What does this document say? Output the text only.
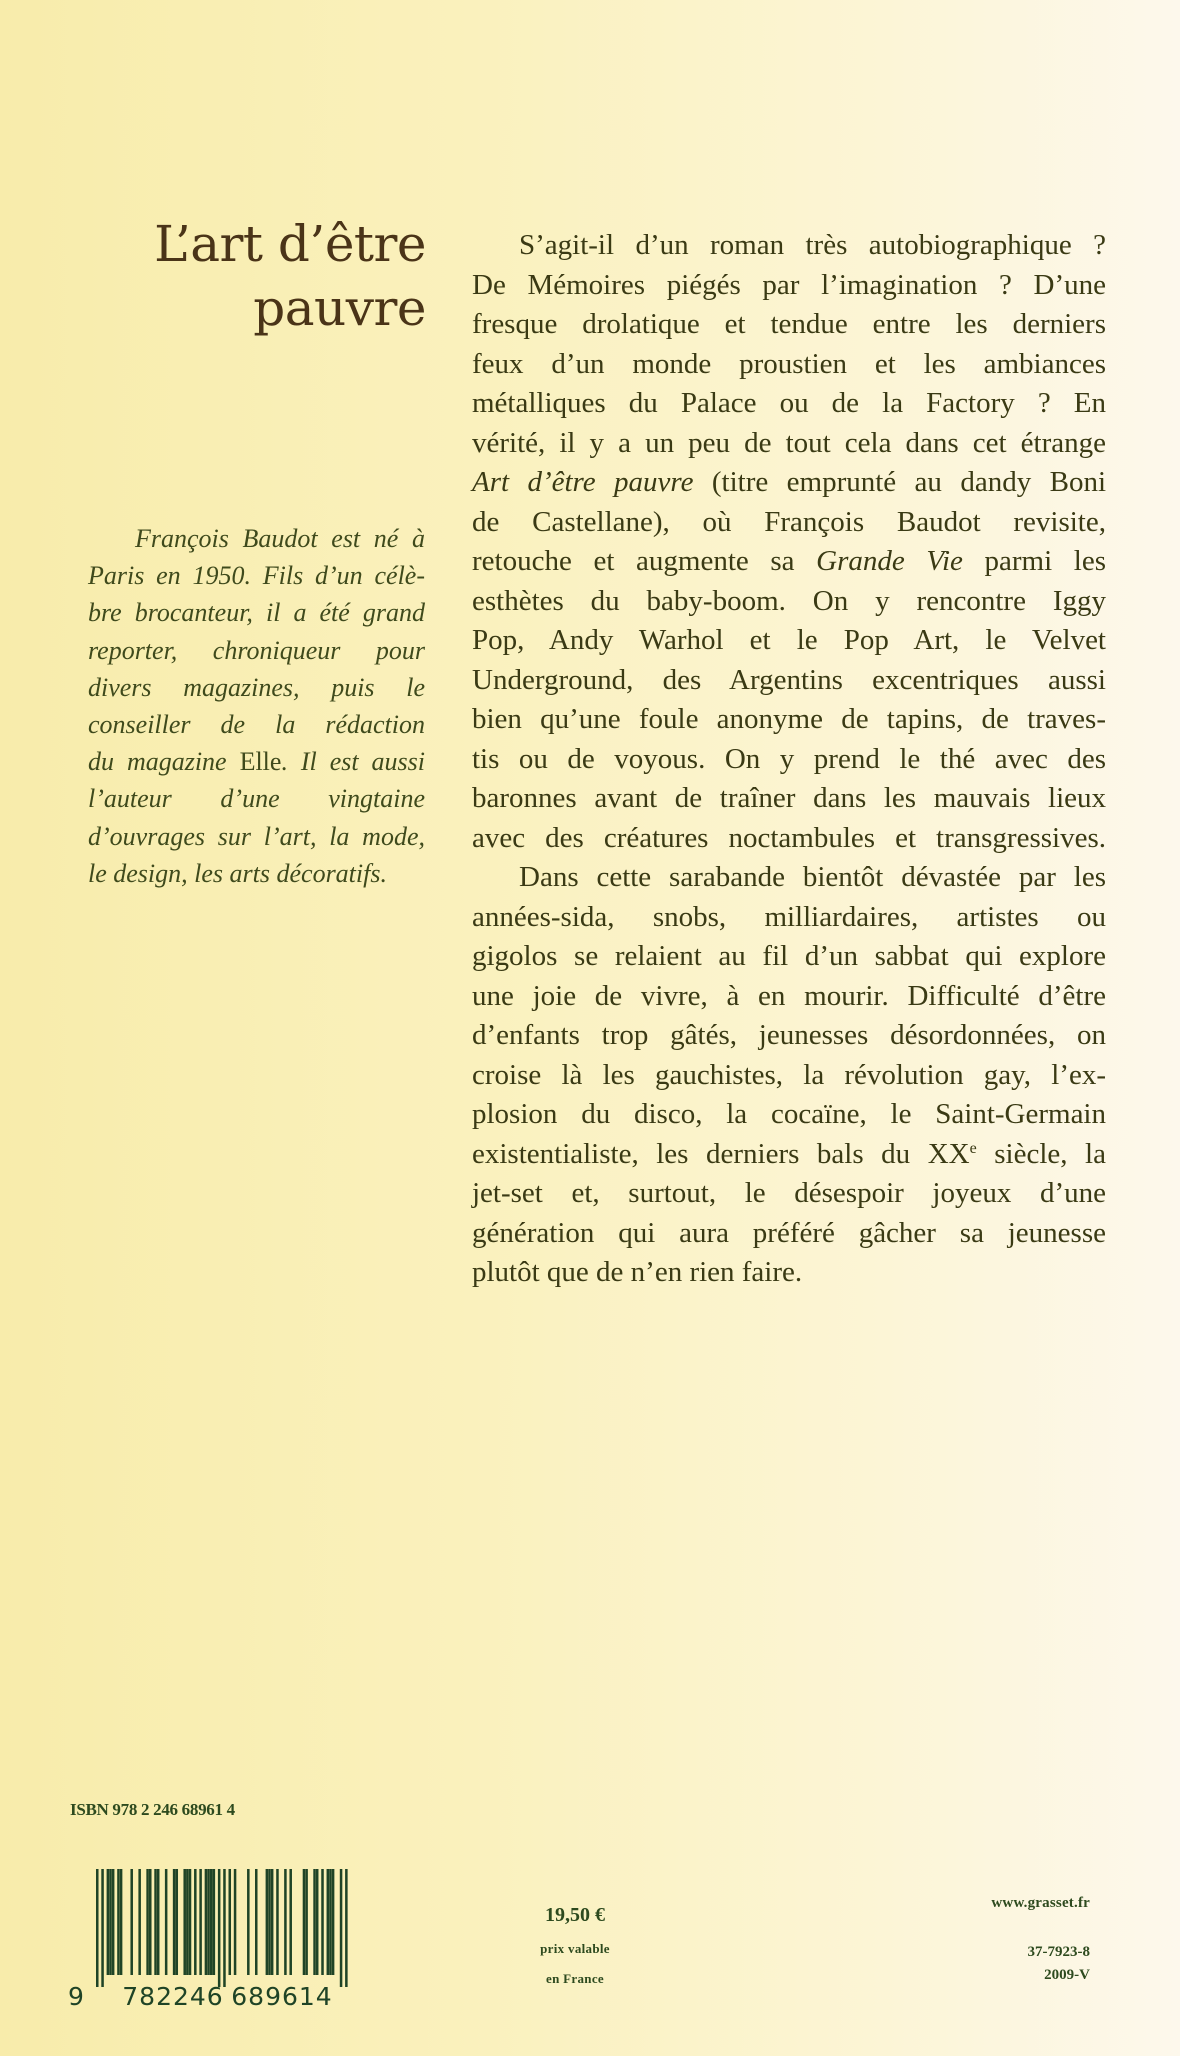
L’art d’être
pauvre
François Baudot est né à
Paris en 1950. Fils d’un célè-
bre brocanteur, il a été grand
reporter, chroniqueur pour
divers magazines, puis le
conseiller de la rédaction
du magazine Elle. Il est aussi
l’auteur d’une vingtaine
d’ouvrages sur l’art, la mode,
le design, les arts décoratifs.
S’agit-il d’un roman très autobiographique ?
De Mémoires piégés par l’imagination ? D’une
fresque drolatique et tendue entre les derniers
feux d’un monde proustien et les ambiances
métalliques du Palace ou de la Factory ? En
vérité, il y a un peu de tout cela dans cet étrange
Art d’être pauvre (titre emprunté au dandy Boni
de Castellane), où François Baudot revisite,
retouche et augmente sa Grande Vie parmi les
esthètes du baby-boom. On y rencontre Iggy
Pop, Andy Warhol et le Pop Art, le Velvet
Underground, des Argentins excentriques aussi
bien qu’une foule anonyme de tapins, de traves-
tis ou de voyous. On y prend le thé avec des
baronnes avant de traîner dans les mauvais lieux
avec des créatures noctambules et transgressives.
Dans cette sarabande bientôt dévastée par les
années-sida, snobs, milliardaires, artistes ou
gigolos se relaient au fil d’un sabbat qui explore
une joie de vivre, à en mourir. Difficulté d’être
d’enfants trop gâtés, jeunesses désordonnées, on
croise là les gauchistes, la révolution gay, l’ex-
plosion du disco, la cocaïne, le Saint-Germain
existentialiste, les derniers bals du XXe siècle, la
jet-set et, surtout, le désespoir joyeux d’une
génération qui aura préféré gâcher sa jeunesse
plutôt que de n’en rien faire.
ISBN 978 2 246 68961 4
9 782246 689614
19,50 €
prix valable
en France
www.grasset.fr
37-7923-8
2009-V
